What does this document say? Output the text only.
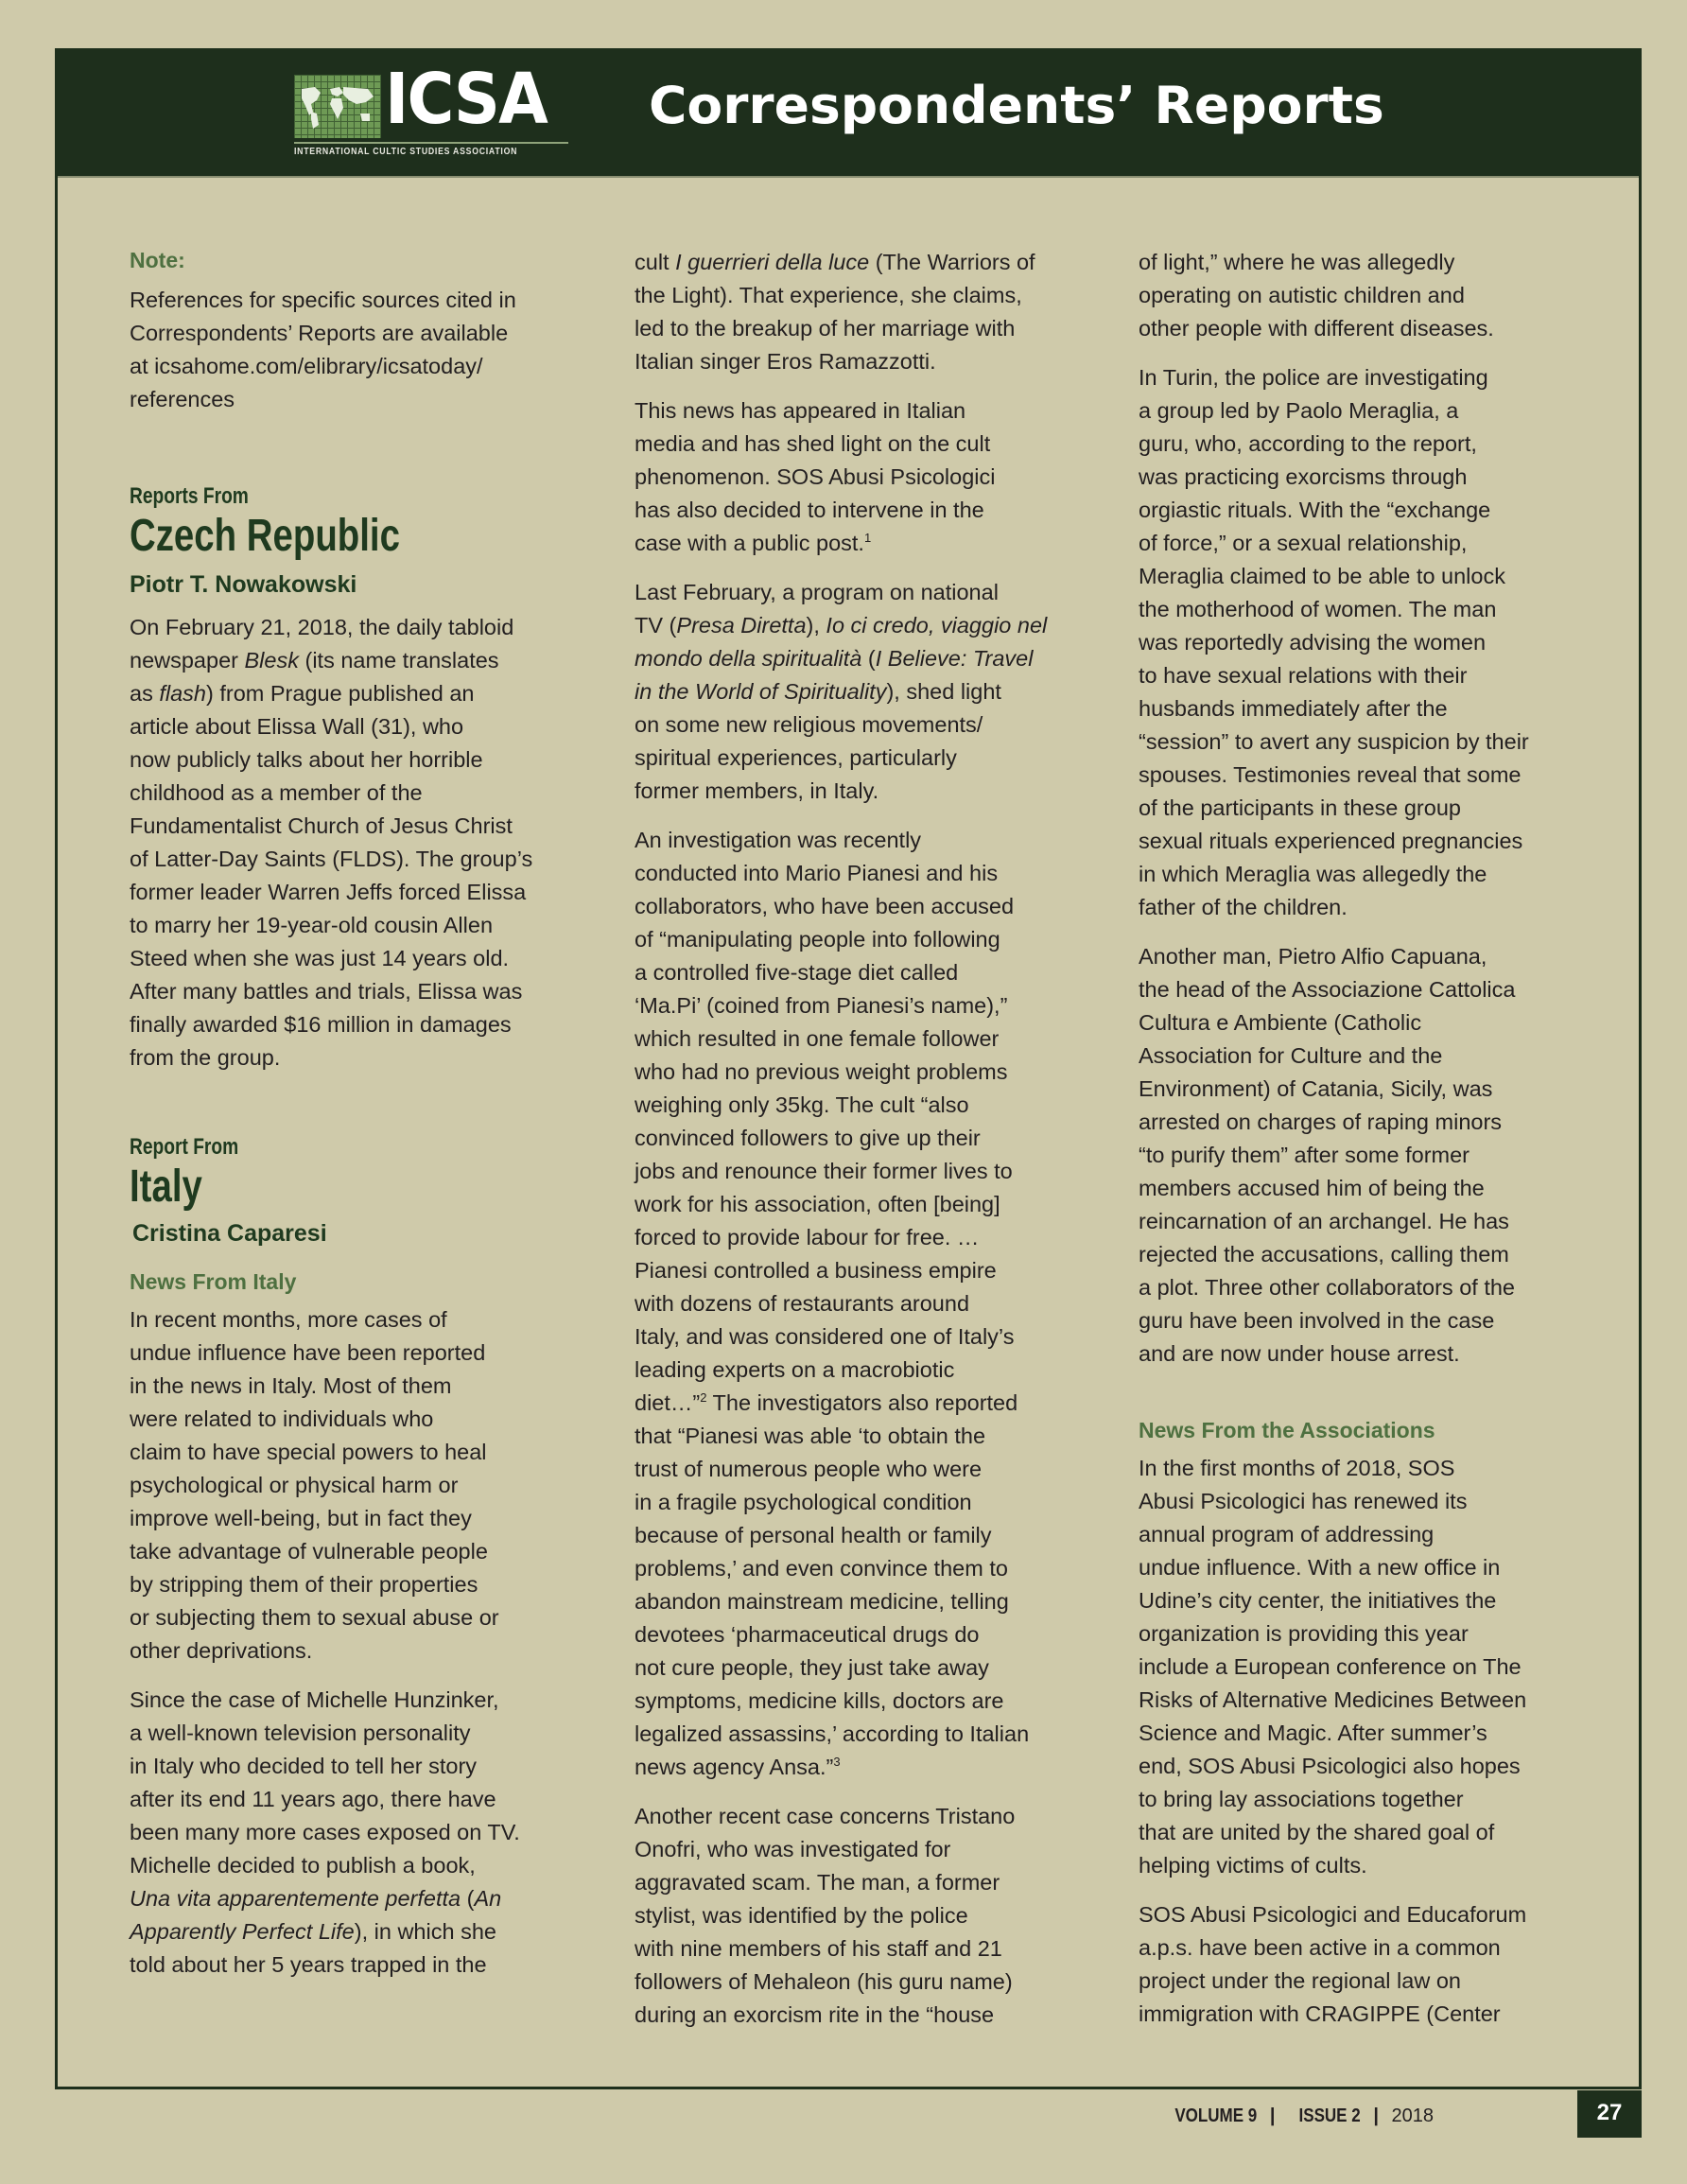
ICSA
INTERNATIONAL CULTIC STUDIES ASSOCIATION
Correspondents’ Reports
Note:
References for specific sources cited in
Correspondents’ Reports are available
at icsahome.com/elibrary/icsatoday/
references
Reports From
Czech Republic
Piotr T. Nowakowski
On February 21, 2018, the daily tabloid
newspaper Blesk (its name translates
as flash) from Prague published an
article about Elissa Wall (31), who
now publicly talks about her horrible
childhood as a member of the
Fundamentalist Church of Jesus Christ
of Latter-Day Saints (FLDS). The group’s
former leader Warren Jeffs forced Elissa
to marry her 19-year-old cousin Allen
Steed when she was just 14 years old.
After many battles and trials, Elissa was
finally awarded $16 million in damages
from the group.
Report From
Italy
Cristina Caparesi
News From Italy
In recent months, more cases of
undue influence have been reported
in the news in Italy. Most of them
were related to individuals who
claim to have special powers to heal
psychological or physical harm or
improve well-being, but in fact they
take advantage of vulnerable people
by stripping them of their properties
or subjecting them to sexual abuse or
other deprivations.
Since the case of Michelle Hunzinker,
a well-known television personality
in Italy who decided to tell her story
after its end 11 years ago, there have
been many more cases exposed on TV.
Michelle decided to publish a book,
Una vita apparentemente perfetta (An
Apparently Perfect Life), in which she
told about her 5 years trapped in the
cult I guerrieri della luce (The Warriors of
the Light). That experience, she claims,
led to the breakup of her marriage with
Italian singer Eros Ramazzotti.
This news has appeared in Italian
media and has shed light on the cult
phenomenon. SOS Abusi Psicologici
has also decided to intervene in the
case with a public post.$^1$
Last February, a program on national
TV (Presa Diretta), Io ci credo, viaggio nel
mondo della spiritualità (I Believe: Travel
in the World of Spirituality), shed light
on some new religious movements/
spiritual experiences, particularly
former members, in Italy.
An investigation was recently
conducted into Mario Pianesi and his
collaborators, who have been accused
of “manipulating people into following
a controlled five-stage diet called
‘Ma.Pi’ (coined from Pianesi’s name),”
which resulted in one female follower
who had no previous weight problems
weighing only 35kg. The cult “also
convinced followers to give up their
jobs and renounce their former lives to
work for his association, often [being]
forced to provide labour for free. …
Pianesi controlled a business empire
with dozens of restaurants around
Italy, and was considered one of Italy’s
leading experts on a macrobiotic
diet…”$^2$ The investigators also reported
that “Pianesi was able ‘to obtain the
trust of numerous people who were
in a fragile psychological condition
because of personal health or family
problems,’ and even convince them to
abandon mainstream medicine, telling
devotees ‘pharmaceutical drugs do
not cure people, they just take away
symptoms, medicine kills, doctors are
legalized assassins,’ according to Italian
news agency Ansa.”$^3$
Another recent case concerns Tristano
Onofri, who was investigated for
aggravated scam. The man, a former
stylist, was identified by the police
with nine members of his staff and 21
followers of Mehaleon (his guru name)
during an exorcism rite in the “house
of light,” where he was allegedly
operating on autistic children and
other people with different diseases.
In Turin, the police are investigating
a group led by Paolo Meraglia, a
guru, who, according to the report,
was practicing exorcisms through
orgiastic rituals. With the “exchange
of force,” or a sexual relationship,
Meraglia claimed to be able to unlock
the motherhood of women. The man
was reportedly advising the women
to have sexual relations with their
husbands immediately after the
“session” to avert any suspicion by their
spouses. Testimonies reveal that some
of the participants in these group
sexual rituals experienced pregnancies
in which Meraglia was allegedly the
father of the children.
Another man, Pietro Alfio Capuana,
the head of the Associazione Cattolica
Cultura e Ambiente (Catholic
Association for Culture and the
Environment) of Catania, Sicily, was
arrested on charges of raping minors
“to purify them” after some former
members accused him of being the
reincarnation of an archangel. He has
rejected the accusations, calling them
a plot. Three other collaborators of the
guru have been involved in the case
and are now under house arrest.
News From the Associations
In the first months of 2018, SOS
Abusi Psicologici has renewed its
annual program of addressing
undue influence. With a new office in
Udine’s city center, the initiatives the
organization is providing this year
include a European conference on The
Risks of Alternative Medicines Between
Science and Magic. After summer’s
end, SOS Abusi Psicologici also hopes
to bring lay associations together
that are united by the shared goal of
helping victims of cults.
SOS Abusi Psicologici and Educaforum
a.p.s. have been active in a common
project under the regional law on
immigration with CRAGIPPE (Center
VOLUME 9 | ISSUE 2 | 2018	27
